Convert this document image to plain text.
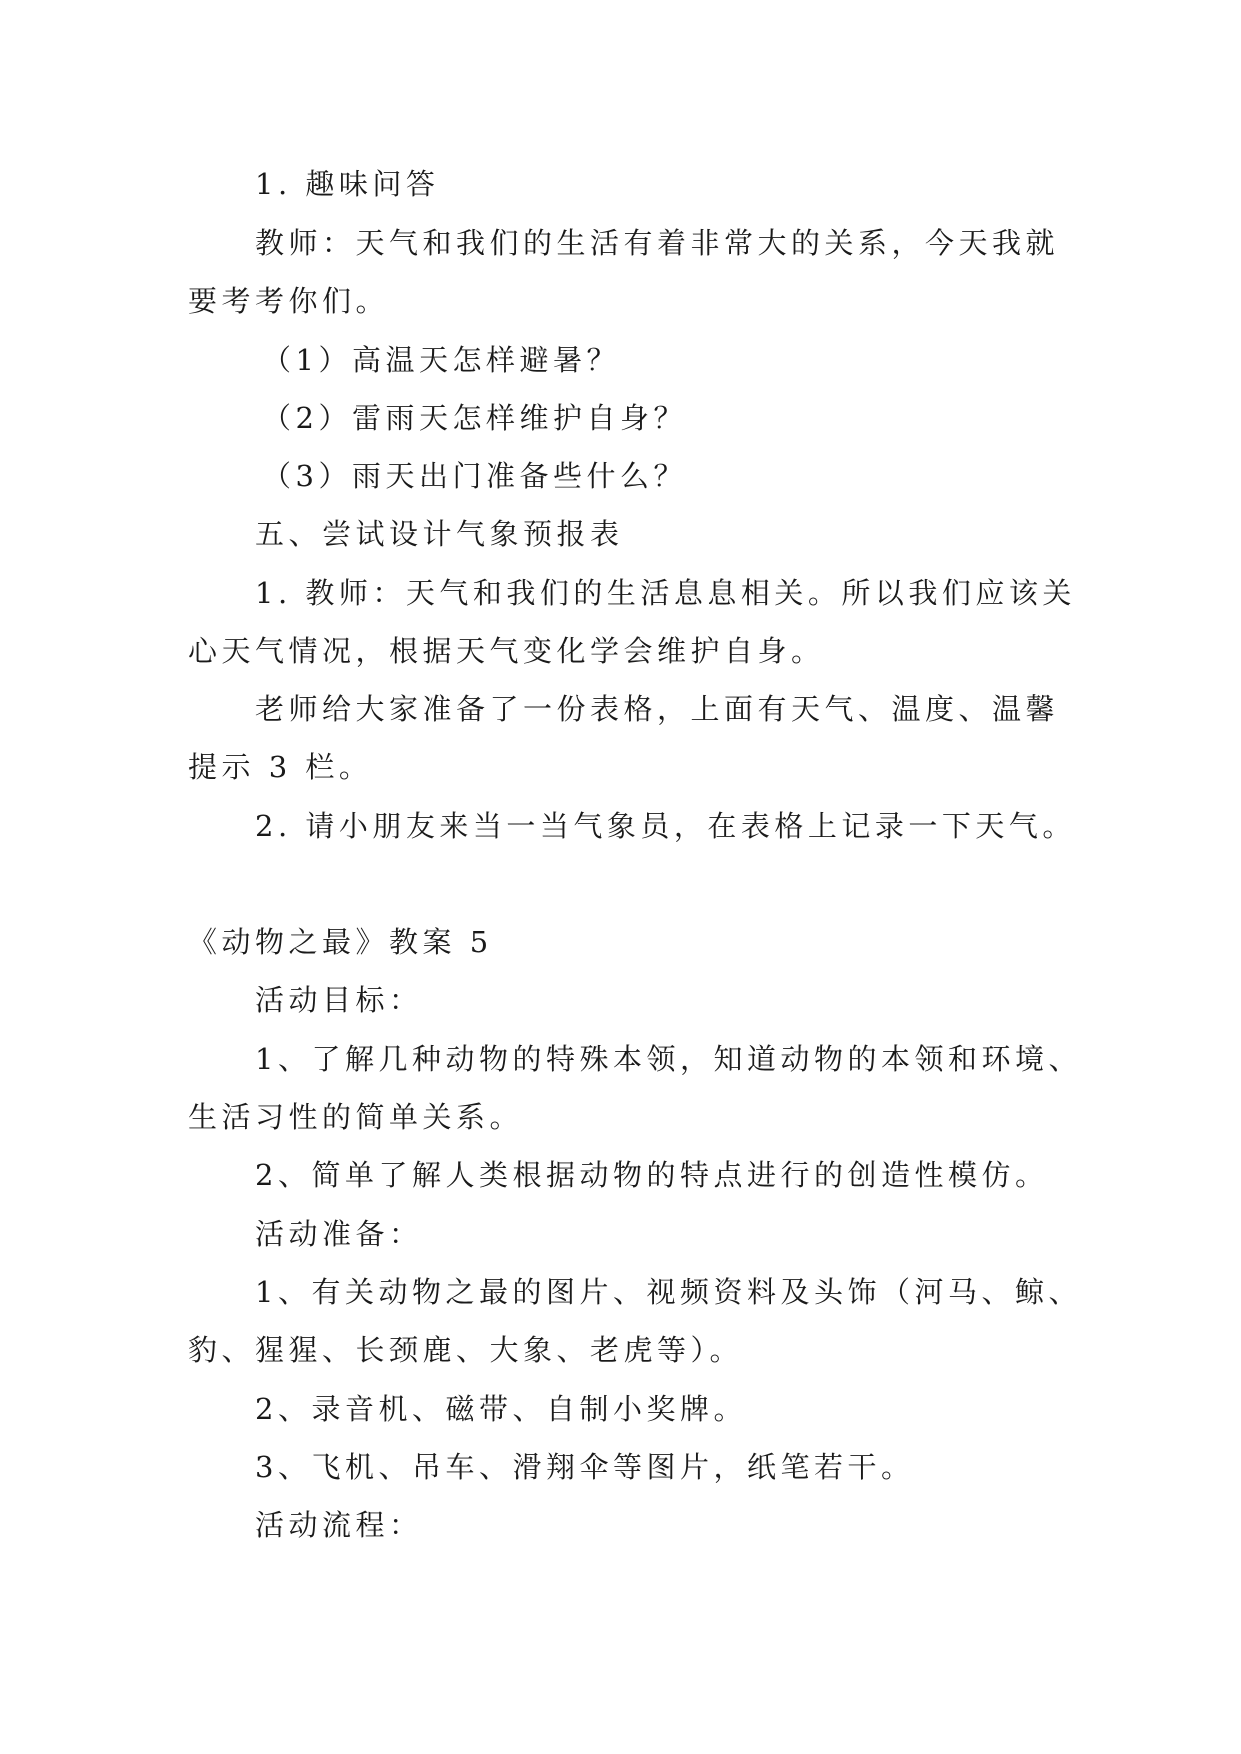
1. 趣味问答

教师：天气和我们的生活有着非常大的关系，今天我就

要考考你们。

（1）高温天怎样避暑？

（2）雷雨天怎样维护自身？

（3）雨天出门准备些什么？

五、尝试设计气象预报表

1. 教师：天气和我们的生活息息相关。所以我们应该关

心天气情况，根据天气变化学会维护自身。

老师给大家准备了一份表格，上面有天气、温度、温馨

提示 3 栏。

2. 请小朋友来当一当气象员，在表格上记录一下天气。

《动物之最》教案 5

活动目标：

1、了解几种动物的特殊本领，知道动物的本领和环境、

生活习性的简单关系。

2、简单了解人类根据动物的特点进行的创造性模仿。

活动准备：

1、有关动物之最的图片、视频资料及头饰（河马、鲸、

豹、猩猩、长颈鹿、大象、老虎等）。

2、录音机、磁带、自制小奖牌。

3、飞机、吊车、滑翔伞等图片，纸笔若干。

活动流程：
